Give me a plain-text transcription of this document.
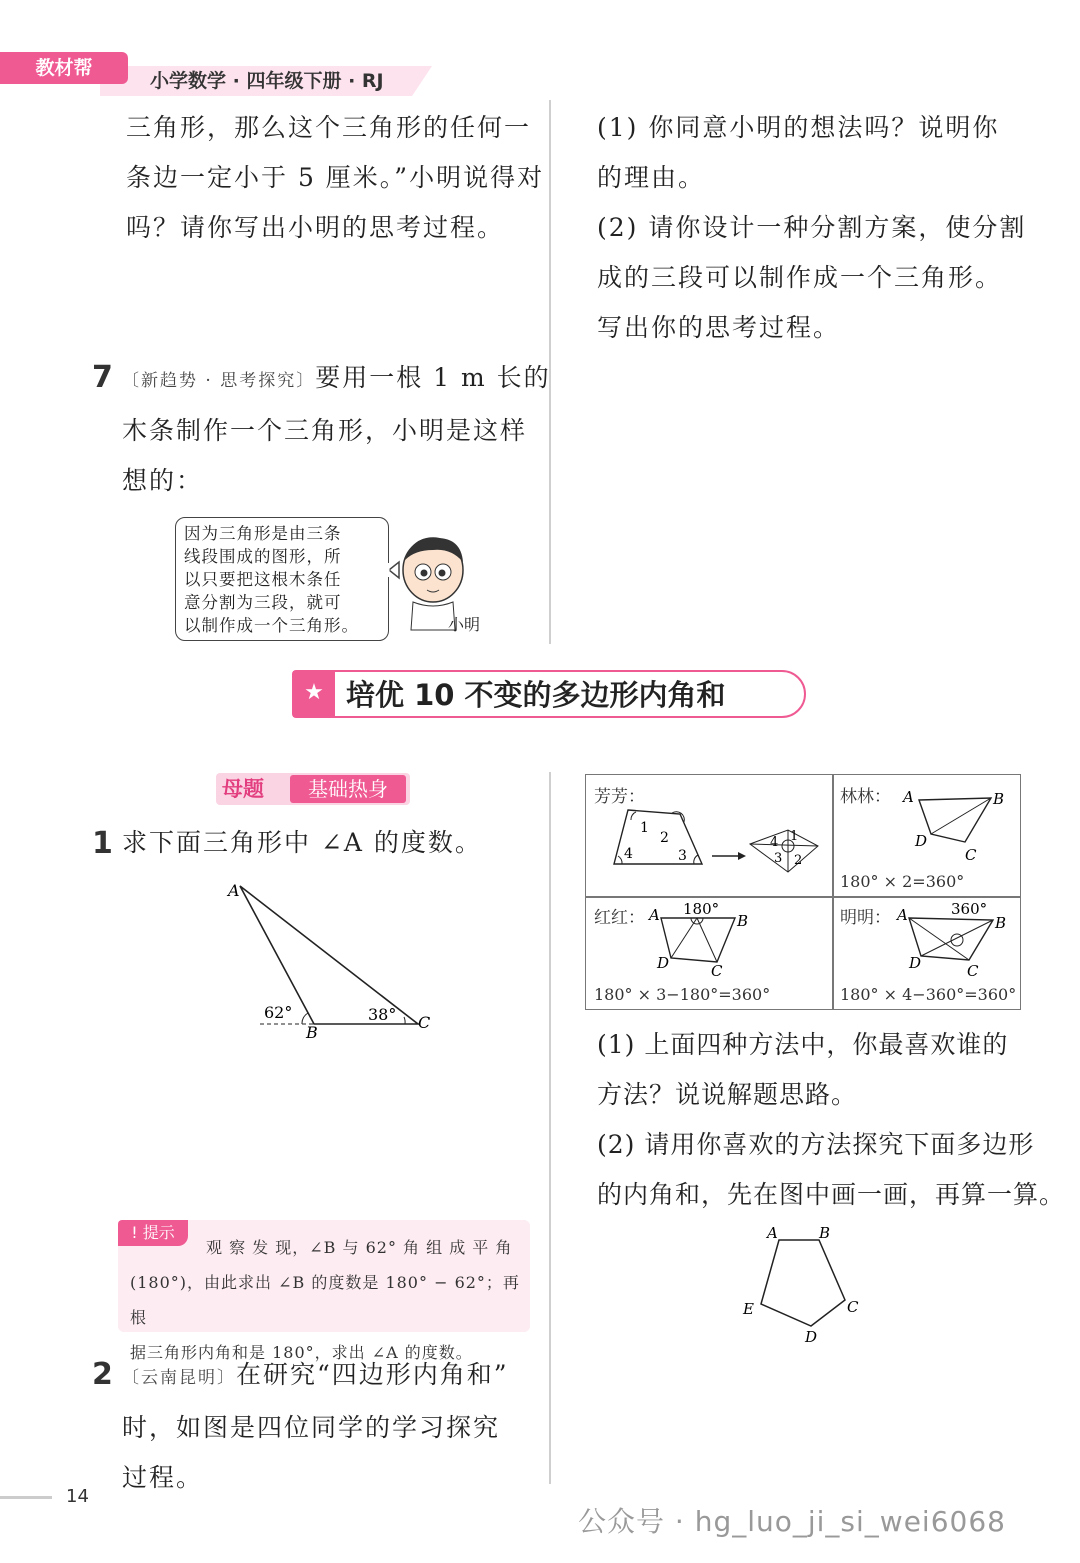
教材帮
小学数学 · 四年级下册 · RJ

三角形，那么这个三角形的任何一

条边一定小于 5 厘米。”小明说得对

吗？请你写出小明的思考过程。

7 〔新趋势 · 思考探究〕要用一根 1 m 长的

木条制作一个三角形，小明是这样

想的：

因为三角形是由三条

线段围成的图形，所

以只要把这根木条任

意分割为三段，就可

以制作成一个三角形。	小明

(1) 你同意小明的想法吗？说明你

的理由。

(2) 请你设计一种分割方案，使分割

成的三段可以制作成一个三角形。

写出你的思考过程。

★ 培优 10 不变的多边形内角和
母题	基础热身
1 求下面三角形中 ∠A 的度数。
A
B
C
62°	38°
! 提示

观 察 发 现，∠B 与 62° 角 组 成 平 角

(180°)，由此求出 ∠B 的度数是 180° − 62°；再根

据三角形内角和是 180°，求出 ∠A 的度数。

2 〔云南昆明〕在研究“四边形内角和”

时，如图是四位同学的学习探究

过程。

芳芳：
1
2
3
4
4 1
3 2
林林： A	B
C
D
180° × 2=360°
红红： A	B
C
D
180°
180° × 3−180°=360°
明明： A	B
C
D
360°
180° × 4−360°=360°

(1) 上面四种方法中，你最喜欢谁的

方法？说说解题思路。

(2) 请用你喜欢的方法探究下面多边形

的内角和，先在图中画一画，再算一算。

A	B
C
D
E
14
公众号 · hg_luo_ji_si_wei6068
